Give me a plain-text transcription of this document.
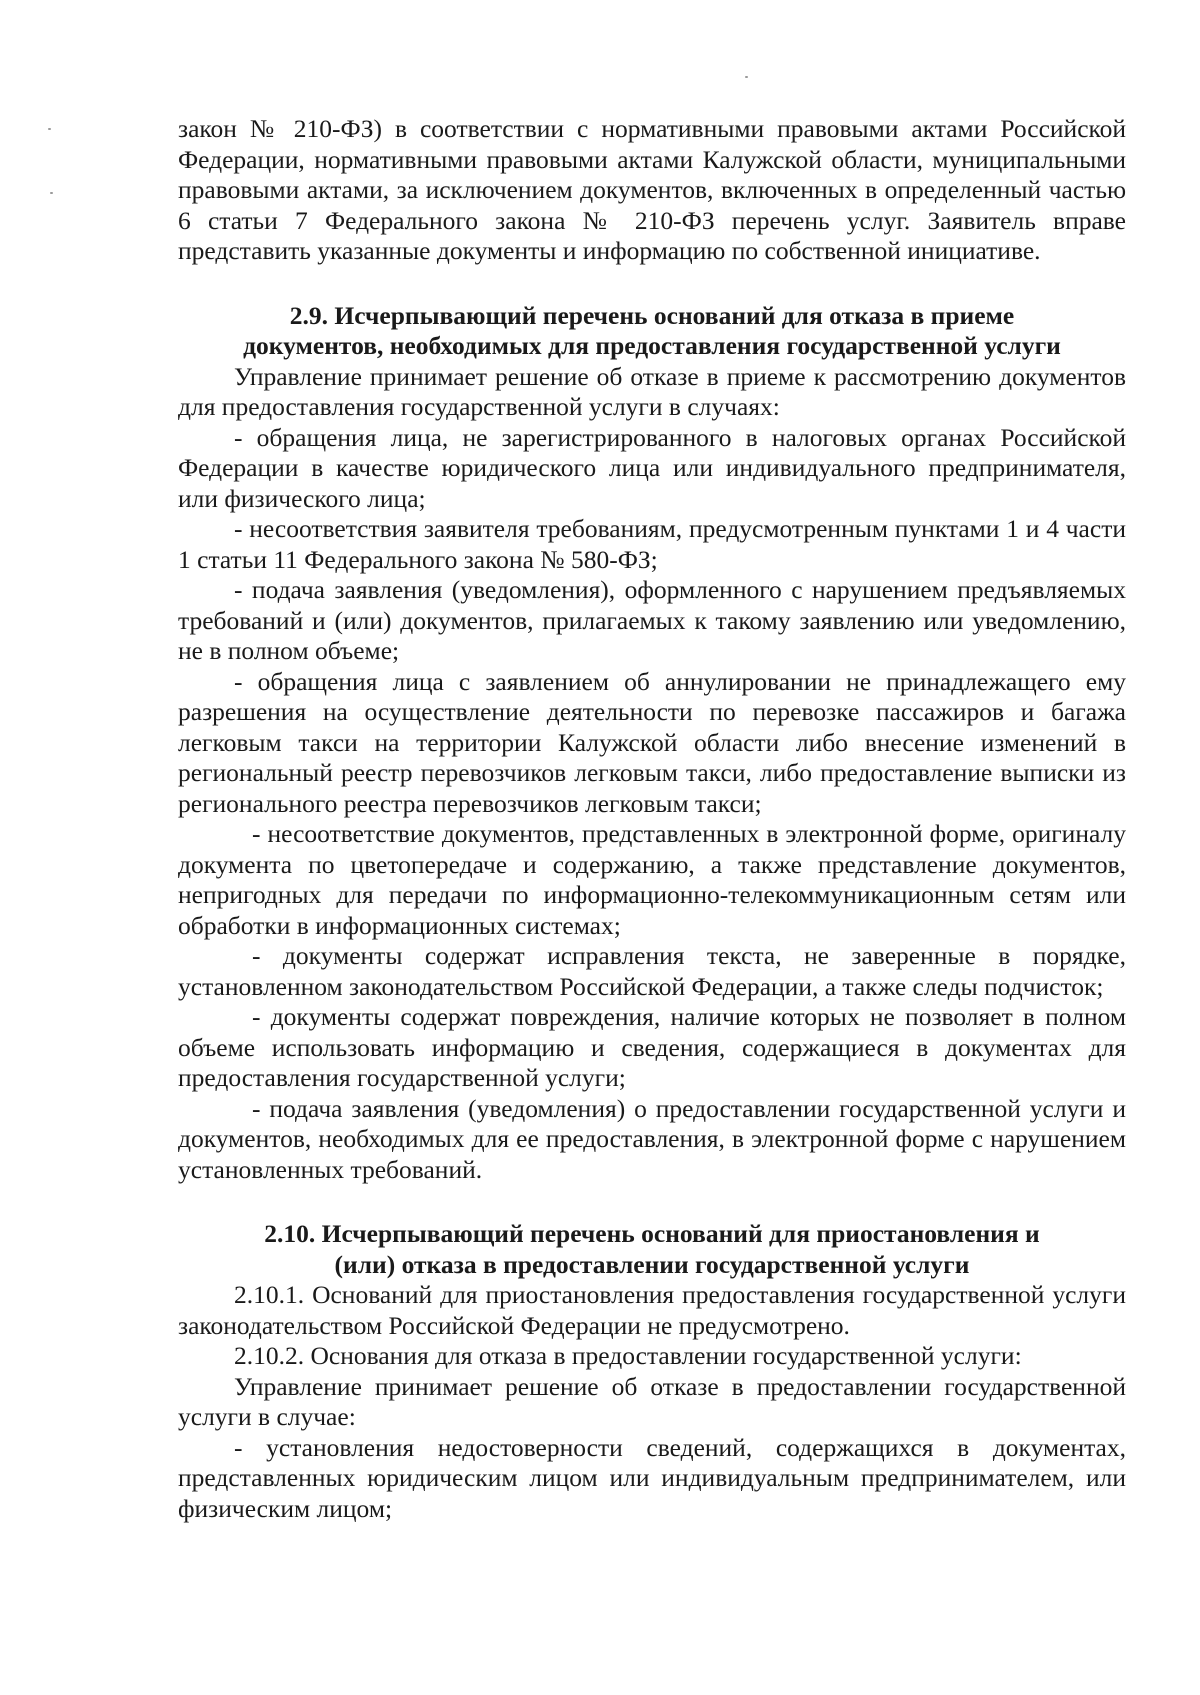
закон № 210-ФЗ) в соответствии с нормативными правовыми актами Российской Федерации, нормативными правовыми актами Калужской области, муниципальными правовыми актами, за исключением документов, включенных в определенный частью 6 статьи 7 Федерального закона № 210-ФЗ перечень услуг. Заявитель вправе представить указанные документы и информацию по собственной инициативе.

2.9. Исчерпывающий перечень оснований для отказа в приеме документов, необходимых для предоставления государственной услуги

Управление принимает решение об отказе в приеме к рассмотрению документов для предоставления государственной услуги в случаях:

- обращения лица, не зарегистрированного в налоговых органах Российской Федерации в качестве юридического лица или индивидуального предпринимателя, или физического лица;

- несоответствия заявителя требованиям, предусмотренным пунктами 1 и 4 части 1 статьи 11 Федерального закона № 580-ФЗ;

- подача заявления (уведомления), оформленного с нарушением предъявляемых требований и (или) документов, прилагаемых к такому заявлению или уведомлению, не в полном объеме;

- обращения лица с заявлением об аннулировании не принадлежащего ему разрешения на осуществление деятельности по перевозке пассажиров и багажа легковым такси на территории Калужской области либо внесение изменений в региональный реестр перевозчиков легковым такси, либо предоставление выписки из регионального реестра перевозчиков легковым такси;

- несоответствие документов, представленных в электронной форме, оригиналу документа по цветопередаче и содержанию, а также представление документов, непригодных для передачи по информационно-телекоммуникационным сетям или обработки в информационных системах;

- документы содержат исправления текста, не заверенные в порядке, установленном законодательством Российской Федерации, а также следы подчисток;

- документы содержат повреждения, наличие которых не позволяет в полном объеме использовать информацию и сведения, содержащиеся в документах для предоставления государственной услуги;

- подача заявления (уведомления) о предоставлении государственной услуги и документов, необходимых для ее предоставления, в электронной форме с нарушением установленных требований.

2.10. Исчерпывающий перечень оснований для приостановления и (или) отказа в предоставлении государственной услуги

2.10.1. Оснований для приостановления предоставления государственной услуги законодательством Российской Федерации не предусмотрено.

2.10.2. Основания для отказа в предоставлении государственной услуги:

Управление принимает решение об отказе в предоставлении государственной услуги в случае:

- установления недостоверности сведений, содержащихся в документах, представленных юридическим лицом или индивидуальным предпринимателем, или физическим лицом;
